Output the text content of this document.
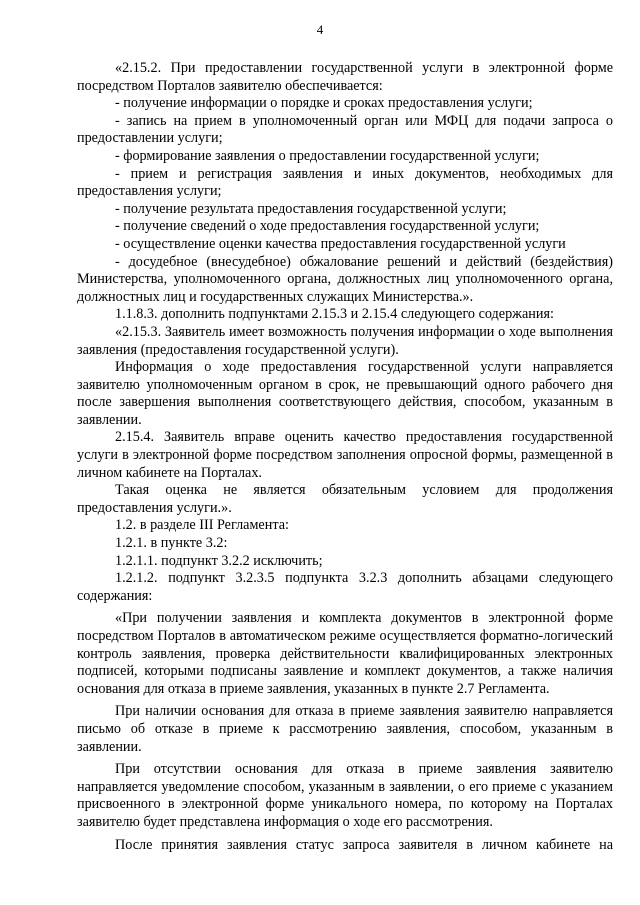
4

«2.15.2. При предоставлении государственной услуги в электронной форме посредством Порталов заявителю обеспечивается:

- получение информации о порядке и сроках предоставления услуги;

- запись на прием в уполномоченный орган или МФЦ для подачи запроса о предоставлении услуги;

- формирование заявления о предоставлении государственной услуги;

- прием и регистрация заявления и иных документов, необходимых для предоставления услуги;

- получение результата предоставления государственной услуги;

- получение сведений о ходе предоставления государственной услуги;

- осуществление оценки качества предоставления государственной услуги

- досудебное (внесудебное) обжалование решений и действий (бездействия) Министерства, уполномоченного органа, должностных лиц уполномоченного органа, должностных лиц и государственных служащих Министерства.».

1.1.8.3. дополнить подпунктами 2.15.3 и 2.15.4 следующего содержания:

«2.15.3. Заявитель имеет возможность получения информации о ходе выполнения заявления (предоставления государственной услуги).

Информация о ходе предоставления государственной услуги направляется заявителю уполномоченным органом в срок, не превышающий одного рабочего дня после завершения выполнения соответствующего действия, способом, указанным в заявлении.

2.15.4. Заявитель вправе оценить качество предоставления государственной услуги в электронной форме посредством заполнения опросной формы, размещенной в личном кабинете на Порталах.

Такая оценка не является обязательным условием для продолжения предоставления услуги.».

1.2. в разделе III Регламента:

1.2.1. в пункте 3.2:

1.2.1.1. подпункт 3.2.2 исключить;

1.2.1.2. подпункт 3.2.3.5 подпункта 3.2.3 дополнить абзацами следующего содержания:

«При получении заявления и комплекта документов в электронной форме посредством Порталов в автоматическом режиме осуществляется форматно-логический контроль заявления, проверка действительности квалифицированных электронных подписей, которыми подписаны заявление и комплект документов, а также наличия основания для отказа в приеме заявления, указанных в пункте 2.7 Регламента.

При наличии основания для отказа в приеме заявления заявителю направляется письмо об отказе в приеме к рассмотрению заявления, способом, указанным в заявлении.

При отсутствии основания для отказа в приеме заявления заявителю направляется уведомление способом, указанным в заявлении, о его приеме с указанием присвоенного в электронной форме уникального номера, по которому на Порталах заявителю будет представлена информация о ходе его рассмотрения.

После принятия заявления статус запроса заявителя в личном кабинете на
